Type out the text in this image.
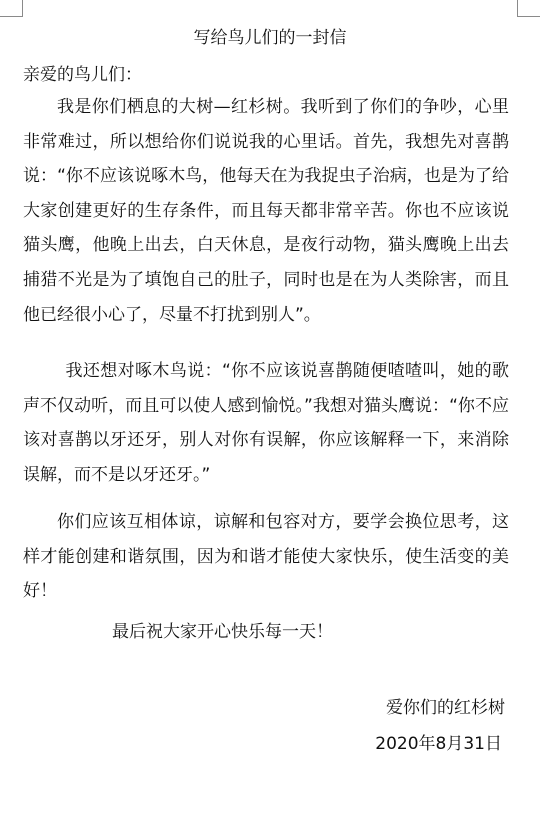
写给鸟儿们的一封信
亲爱的鸟儿们：
我是你们栖息的大树—红杉树。我听到了你们的争吵，心里非常难过，所以想给你们说说我的心里话。首先，我想先对喜鹊说：“你不应该说啄木鸟，他每天在为我捉虫子治病，也是为了给大家创建更好的生存条件，而且每天都非常辛苦。你也不应该说猫头鹰，他晚上出去，白天休息，是夜行动物，猫头鹰晚上出去捕猎不光是为了填饱自己的肚子，同时也是在为人类除害，而且他已经很小心了，尽量不打扰到别人”。
我还想对啄木鸟说：“你不应该说喜鹊随便喳喳叫，她的歌声不仅动听，而且可以使人感到愉悦。”我想对猫头鹰说：“你不应该对喜鹊以牙还牙，别人对你有误解，你应该解释一下，来消除误解，而不是以牙还牙。”
你们应该互相体谅，谅解和包容对方，要学会换位思考，这样才能创建和谐氛围，因为和谐才能使大家快乐，使生活变的美好！
最后祝大家开心快乐每一天！
爱你们的红杉树
2020年8月31日
